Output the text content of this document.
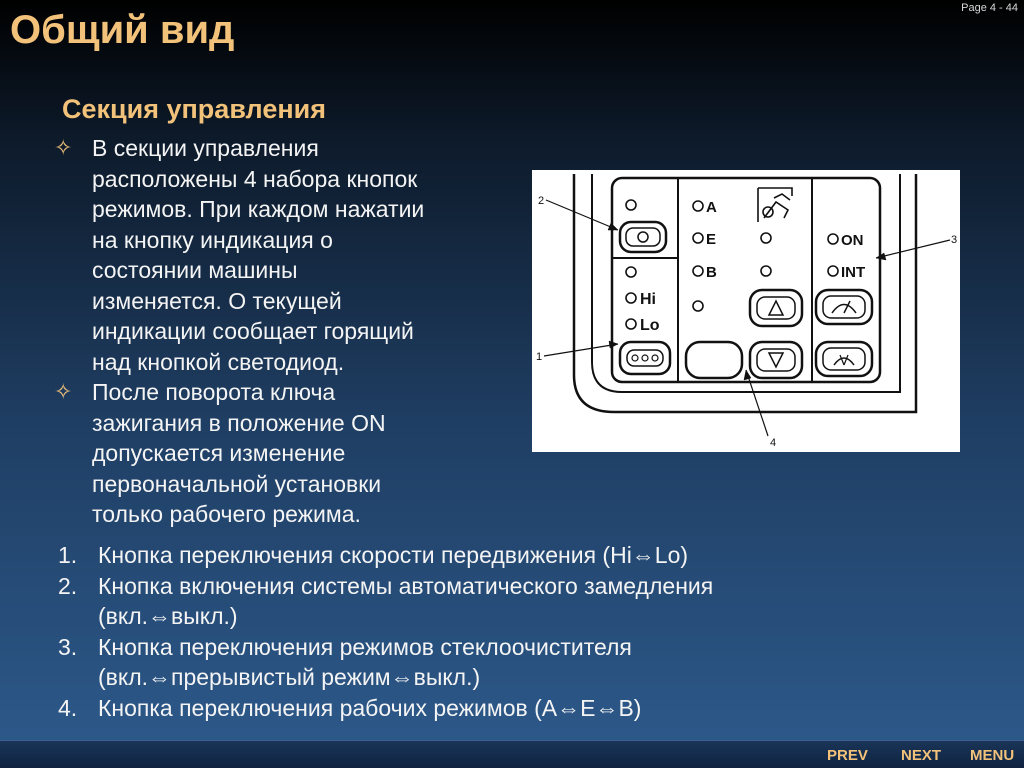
Page 4 - 44
Общий вид
Секция управления
✧ В секции управления
расположены 4 набора кнопок
режимов. При каждом нажатии
на кнопку индикация о
состоянии машины
изменяется. О текущей
индикации сообщает горящий
над кнопкой светодиод.
✧ После поворота ключа
зажигания в положение ON
допускается изменение
первоначальной установки
только рабочего режима.
1. Кнопка переключения скорости передвижения (Hi⇔Lo)
2. Кнопка включения системы автоматического замедления
(вкл.⇔выкл.)
3. Кнопка переключения режимов стеклоочистителя
(вкл.⇔прерывистый режим⇔выкл.)
4. Кнопка переключения рабочих режимов (A⇔E⇔B)
Hi
Lo
A
E
B
ON
INT
2
1
3
4
PREV NEXT MENU
